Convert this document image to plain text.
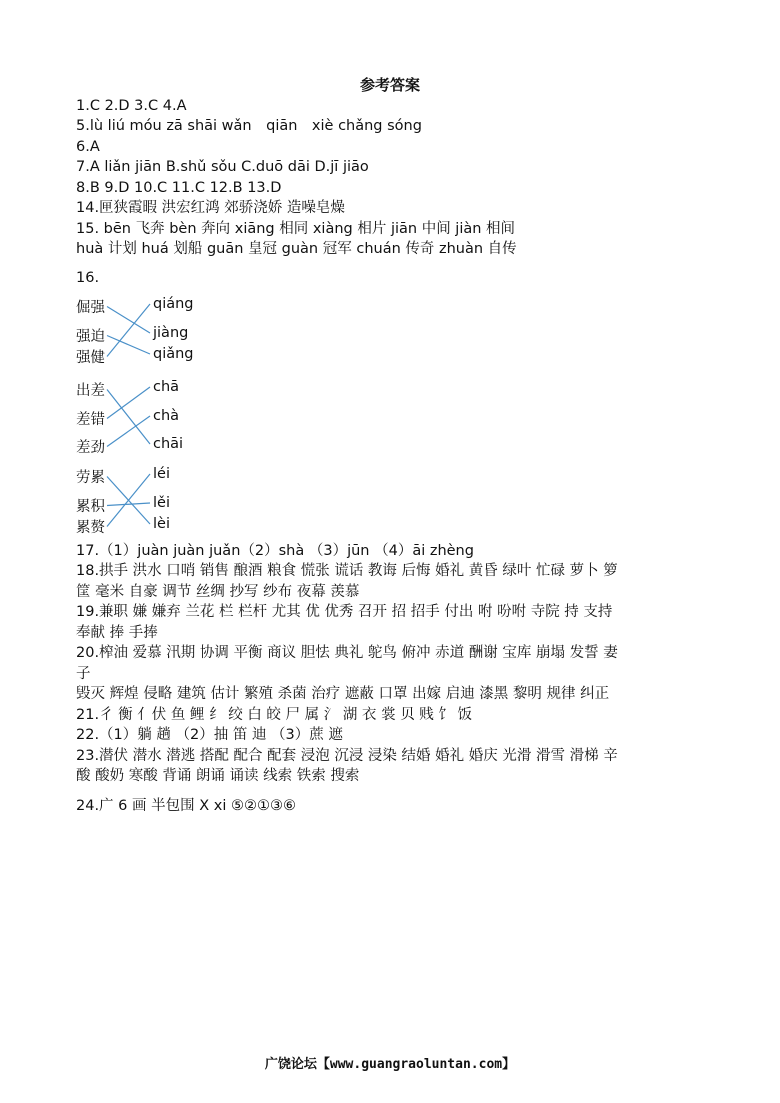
参考答案
1.C 2.D 3.C 4.A
5.lù liú móu zā shāi wǎn　qiān　xiè chǎng sóng
6.A
7.A liǎn jiān B.shǔ sǒu C.duō dāi D.jī jiāo
8.B 9.D 10.C 11.C 12.B 13.D
14.匣狭霞暇 洪宏红鸿 郊骄浇娇 造噪皂燥
15. bēn 飞奔 bèn 奔向 xiāng 相同 xiàng 相片 jiān 中间 jiàn 相间
huà 计划 huá 划船 guān 皇冠 guàn 冠军 chuán 传奇 zhuàn 自传
16.
倔强
强迫
强健
qiáng
jiàng
qiǎng
出差
差错
差劲
chā
chà
chāi
劳累
累积
累赘
léi
lěi
lèi
17.（1）juàn juàn juǎn（2）shà （3）jūn （4）āi zhèng
18.拱手 洪水 口哨 销售 酿酒 粮食 慌张 谎话 教诲 后悔 婚礼 黄昏 绿叶 忙碌 萝卜 箩
筐 毫米 自豪 调节 丝绸 抄写 纱布 夜幕 羡慕
19.兼职 嫌 嫌弃 兰花 栏 栏杆 尤其 优 优秀 召开 招 招手 付出 咐 吩咐 寺院 持 支持
奉献 捧 手捧
20.榨油 爱慕 汛期 协调 平衡 商议 胆怯 典礼 鸵鸟 俯冲 赤道 酬谢 宝库 崩塌 发誓 妻
子
毁灭 辉煌 侵略 建筑 估计 繁殖 杀菌 治疗 遮蔽 口罩 出嫁 启迪 漆黑 黎明 规律 纠正
21.彳 衡 亻伏 鱼 鲤 纟 绞 白 皎 尸 属 氵 湖 衣 裳 贝 贱 饣 饭
22.（1）躺 趟 （2）抽 笛 迪 （3）蔗 遮
23.潜伏 潜水 潜逃 搭配 配合 配套 浸泡 沉浸 浸染 结婚 婚礼 婚庆 光滑 滑雪 滑梯 辛
酸 酸奶 寒酸 背诵 朗诵 诵读 线索 铁索 搜索
24.广 6 画 半包围 X xi ⑤②①③⑥
广饶论坛【www.guangraoluntan.com】
